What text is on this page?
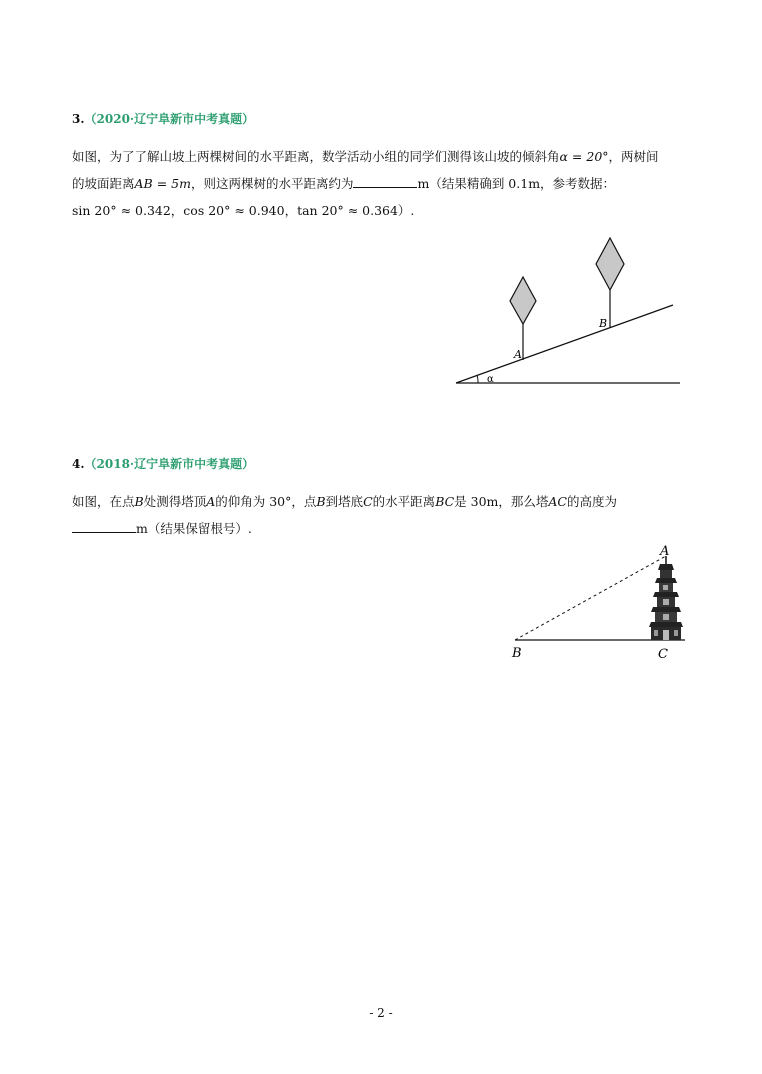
3.（2020·辽宁阜新市中考真题）
如图，为了了解山坡上两棵树间的水平距离，数学活动小组的同学们测得该山坡的倾斜角α = 20°，两树间
的坡面距离AB = 5m，则这两棵树的水平距离约为	m（结果精确到 0.1m，参考数据：
sin 20° ≈ 0.342，cos 20° ≈ 0.940，tan 20° ≈ 0.364）.
A
B
α
4.（2018·辽宁阜新市中考真题）
如图，在点B处测得塔顶A的仰角为 30°，点B到塔底C的水平距离BC是 30m，那么塔AC的高度为
m（结果保留根号）.
A
B	C
- 2 -
